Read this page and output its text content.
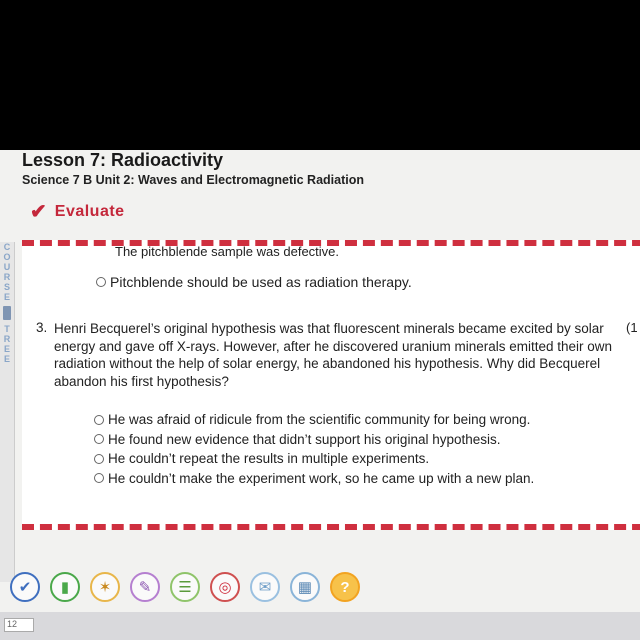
Lesson 7: Radioactivity
Science 7 B Unit 2: Waves and Electromagnetic Radiation
✔ Evaluate
C
O
U
R
S
E
T
R
E
E
The pitchblende sample was defective.
Pitchblende should be used as radiation therapy.
3. Henri Becquerel’s original hypothesis was that fluorescent minerals became excited by solar energy and gave off X-rays. However, after he discovered uranium minerals emitted their own radiation without the help of solar energy, he abandoned his hypothesis. Why did Becquerel abandon his first hypothesis?
(1
He was afraid of ridicule from the scientific community for being wrong.
He found new evidence that didn’t support his original hypothesis.
He couldn’t repeat the results in multiple experiments.
He couldn’t make the experiment work, so he came up with a new plan.
✔	▮	✶	✎	☰	◎	✉	▦	?
12
